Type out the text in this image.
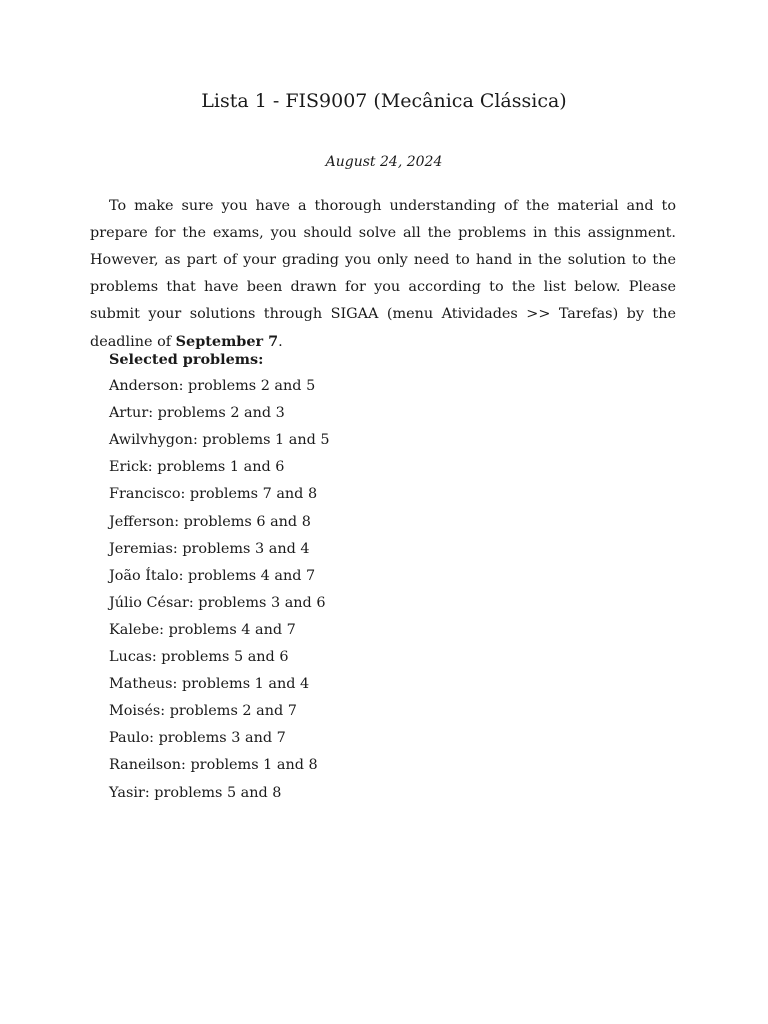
Lista 1 - FIS9007 (Mecânica Clássica)
August 24, 2024

To make sure you have a thorough understanding of the material and to prepare for the exams, you should solve all the problems in this assignment. However, as part of your grading you only need to hand in the solution to the problems that have been drawn for you according to the list below. Please submit your solutions through SIGAA (menu Atividades >> Tarefas) by the deadline of September 7.

Selected problems:

Anderson: problems 2 and 5
Artur: problems 2 and 3
Awilvhygon: problems 1 and 5
Erick: problems 1 and 6
Francisco: problems 7 and 8
Jefferson: problems 6 and 8
Jeremias: problems 3 and 4
João Ítalo: problems 4 and 7
Júlio César: problems 3 and 6
Kalebe: problems 4 and 7
Lucas: problems 5 and 6
Matheus: problems 1 and 4
Moisés: problems 2 and 7
Paulo: problems 3 and 7
Raneilson: problems 1 and 8
Yasir: problems 5 and 8
